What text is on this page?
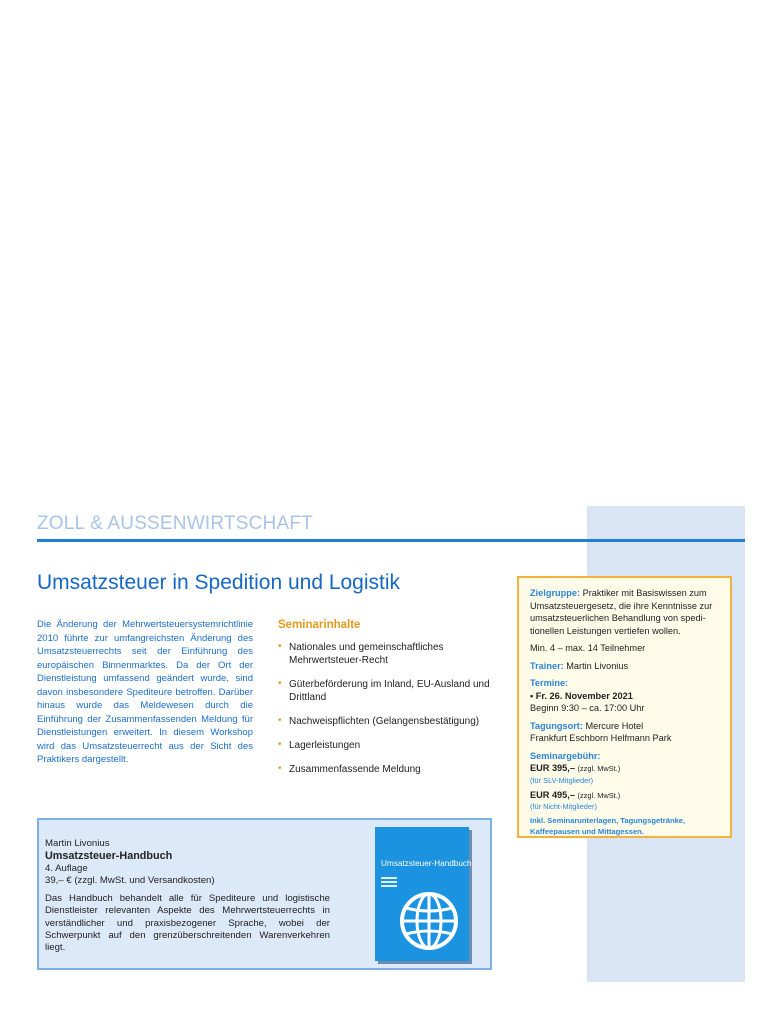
ZOLL & AUSSENWIRTSCHAFT
Umsatzsteuer in Spedition und Logistik
Die Änderung der Mehrwertsteuersystemrichtlinie 2010 führte zur umfangreichsten Änderung des Umsatzsteuerrechts seit der Einführung des europäischen Binnenmarktes. Da der Ort der Dienstleistung umfassend geändert wurde, sind davon insbesondere Spediteure betroffen. Darüber hinaus wurde das Meldewesen durch die Einführung der Zusammenfassenden Meldung für Dienstleistungen erweitert. In diesem Workshop wird das Umsatzsteuerrecht aus der Sicht des Praktikers dargestellt.
Seminarinhalte
• Nationales und gemeinschaftliches Mehrwertsteuer-Recht
• Güterbeförderung im Inland, EU-Ausland und Drittland
• Nachweispflichten (Gelangensbestätigung)
• Lagerleistungen
• Zusammenfassende Meldung
Zielgruppe: Praktiker mit Basiswissen zum Umsatzsteuergesetz, die ihre Kenntnisse zur umsatzsteuerlichen Behandlung von speditionellen Leistungen vertiefen wollen.
Min. 4 – max. 14 Teilnehmer
Trainer: Martin Livonius
Termine:
• Fr. 26. November 2021
Beginn 9:30 – ca. 17:00 Uhr
Tagungsort: Mercure Hotel
Frankfurt Eschborn Helfmann Park
Seminargebühr:
EUR 395,– (zzgl. MwSt.)
(für SLV-Mitglieder)
EUR 495,– (zzgl. MwSt.)
(für Nicht-Mitglieder)
Inkl. Seminarunterlagen, Tagungsgetränke, Kaffeepausen und Mittagessen.
Martin Livonius
Umsatzsteuer-Handbuch
4. Auflage
39,– € (zzgl. MwSt. und Versandkosten)
Das Handbuch behandelt alle für Spediteure und logistische Dienstleister relevanten Aspekte des Mehrwertsteuerrechts in verständlicher und praxisbezogener Sprache, wobei der Schwerpunkt auf den grenzüberschreitenden Warenverkehren liegt.
Umsatzsteuer-Handbuch
